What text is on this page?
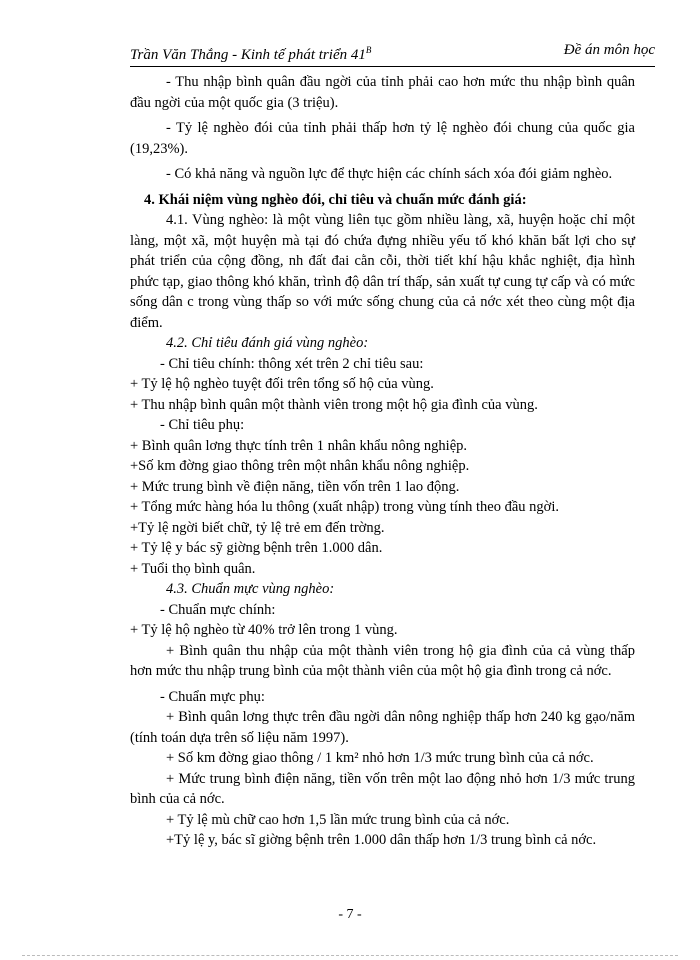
Trần Văn Thắng - Kinh tế phát triển $41^B$	Đề án môn học

- Thu nhập bình quân đầu ngời của tỉnh phải cao hơn mức thu nhập bình quân đầu ngời của một quốc gia (3 triệu).

- Tỷ lệ nghèo đói của tỉnh phải thấp hơn tỷ lệ nghèo đói chung của quốc gia (19,23%).

- Có khả năng và nguồn lực để thực hiện các chính sách xóa đói giảm nghèo.

4. Khái niệm vùng nghèo đói, chỉ tiêu và chuẩn mức đánh giá:

4.1. Vùng nghèo: là một vùng liên tục gồm nhiều làng, xã, huyện hoặc chỉ một làng, một xã, một huyện mà tại đó chứa đựng nhiều yếu tố khó khăn bất lợi cho sự phát triển của cộng đồng, nh đất đai cằn cỗi, thời tiết khí hậu khắc nghiệt, địa hình phức tạp, giao thông khó khăn, trình độ dân trí thấp, sản xuất tự cung tự cấp và có mức sống dân c trong vùng thấp so với mức sống chung của cả nớc xét theo cùng một địa điểm.

4.2. Chỉ tiêu đánh giá vùng nghèo:

- Chỉ tiêu chính: thông xét trên 2 chỉ tiêu sau:

+ Tỷ lệ hộ nghèo tuyệt đối trên tổng số hộ của vùng.

+ Thu nhập bình quân một thành viên trong một hộ gia đình của vùng.

- Chỉ tiêu phụ:

+ Bình quân lơng thực tính trên 1 nhân khẩu nông nghiệp.

+Số km đờng giao thông trên một nhân khẩu nông nghiệp.

+ Mức trung bình về điện năng, tiền vốn trên 1 lao động.

+ Tổng mức hàng hóa lu thông (xuất nhập) trong vùng tính theo đầu ngời.

+Tỷ lệ ngời biết chữ, tỷ lệ trẻ em đến trờng.

+ Tỷ lệ y bác sỹ giờng bệnh trên 1.000 dân.

+ Tuổi thọ bình quân.

4.3. Chuẩn mực vùng nghèo:

- Chuẩn mực chính:

+ Tỷ lệ hộ nghèo từ 40% trở lên trong 1 vùng.

+ Bình quân thu nhập của một thành viên trong hộ gia đình của cả vùng thấp hơn mức thu nhập trung bình của một thành viên của một hộ gia đình trong cả nớc.

- Chuẩn mực phụ:

+ Bình quân lơng thực trên đầu ngời dân nông nghiệp thấp hơn 240 kg gạo/năm (tính toán dựa trên số liệu năm 1997).

+ Số km đờng giao thông / 1 km² nhỏ hơn 1/3 mức trung bình của cả nớc.

+ Mức trung bình điện năng, tiền vốn trên một lao động nhỏ hơn 1/3 mức trung bình của cả nớc.

+ Tỷ lệ mù chữ cao hơn 1,5 lần mức trung bình của cả nớc.

+Tỷ lệ y, bác sĩ giờng bệnh trên 1.000 dân thấp hơn 1/3 trung bình cả nớc.

- 7 -
